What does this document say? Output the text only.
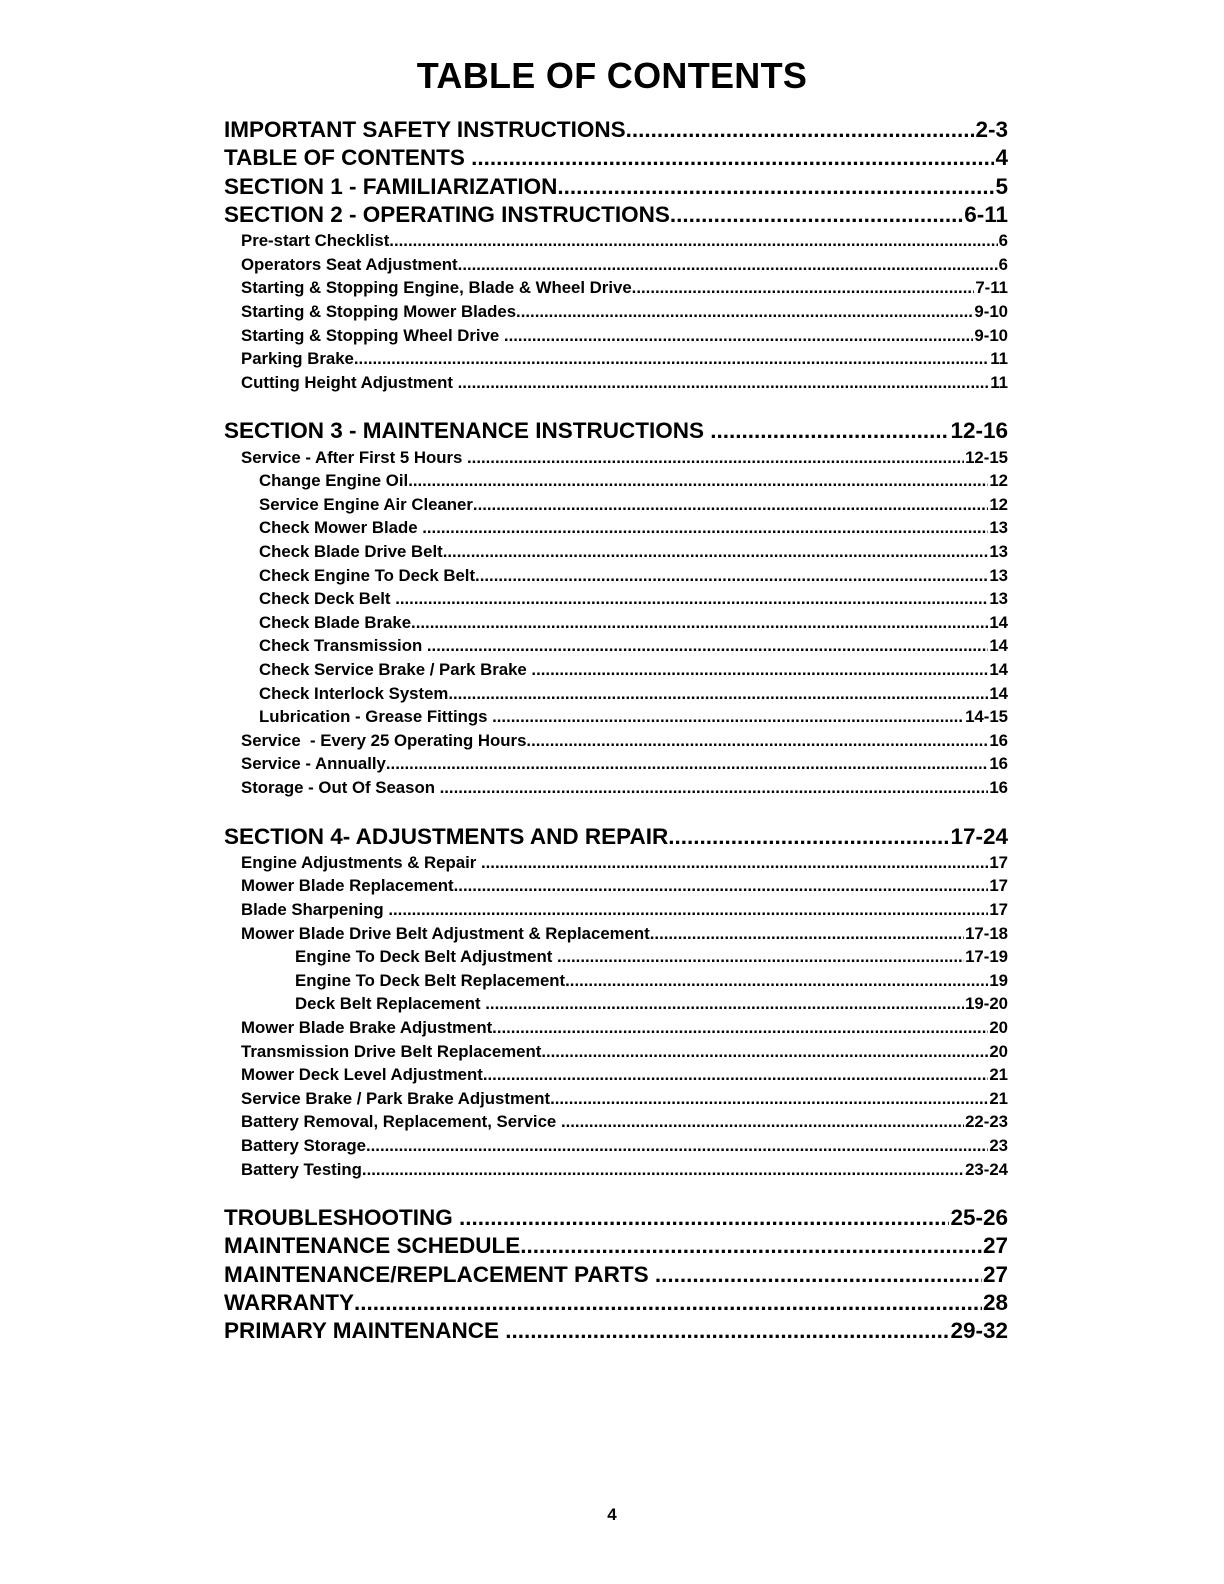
TABLE OF CONTENTS
IMPORTANT SAFETY INSTRUCTIONS .....	2-3
TABLE OF CONTENTS .....	4
SECTION 1 - FAMILIARIZATION .....	5
SECTION 2 - OPERATING INSTRUCTIONS .....	6-11
Pre-start Checklist .....	6
Operators Seat Adjustment .....	6
Starting & Stopping Engine, Blade & Wheel Drive .....	7-11
Starting & Stopping Mower Blades .....	9-10
Starting & Stopping Wheel Drive .....	9-10
Parking Brake .....	11
Cutting Height Adjustment .....	11
SECTION 3 - MAINTENANCE INSTRUCTIONS .....	12-16
Service - After First 5 Hours .....	12-15
Change Engine Oil .....	12
Service Engine Air Cleaner .....	12
Check Mower Blade .....	13
Check Blade Drive Belt .....	13
Check Engine To Deck Belt .....	13
Check Deck Belt .....	13
Check Blade Brake .....	14
Check Transmission .....	14
Check Service Brake / Park Brake .....	14
Check Interlock System .....	14
Lubrication - Grease Fittings .....	14-15
Service  - Every 25 Operating Hours .....	16
Service - Annually .....	16
Storage - Out Of Season .....	16
SECTION 4- ADJUSTMENTS AND REPAIR .....	17-24
Engine Adjustments & Repair .....	17
Mower Blade Replacement .....	17
Blade Sharpening .....	17
Mower Blade Drive Belt Adjustment & Replacement .....	17-18
Engine To Deck Belt Adjustment .....	17-19
Engine To Deck Belt Replacement .....	19
Deck Belt Replacement .....	19-20
Mower Blade Brake Adjustment .....	20
Transmission Drive Belt Replacement .....	20
Mower Deck Level Adjustment .....	21
Service Brake / Park Brake Adjustment .....	21
Battery Removal, Replacement, Service .....	22-23
Battery Storage .....	23
Battery Testing .....	23-24
TROUBLESHOOTING .....	25-26
MAINTENANCE SCHEDULE .....	27
MAINTENANCE/REPLACEMENT PARTS .....	27
WARRANTY .....	28
PRIMARY MAINTENANCE .....	29-32
4
